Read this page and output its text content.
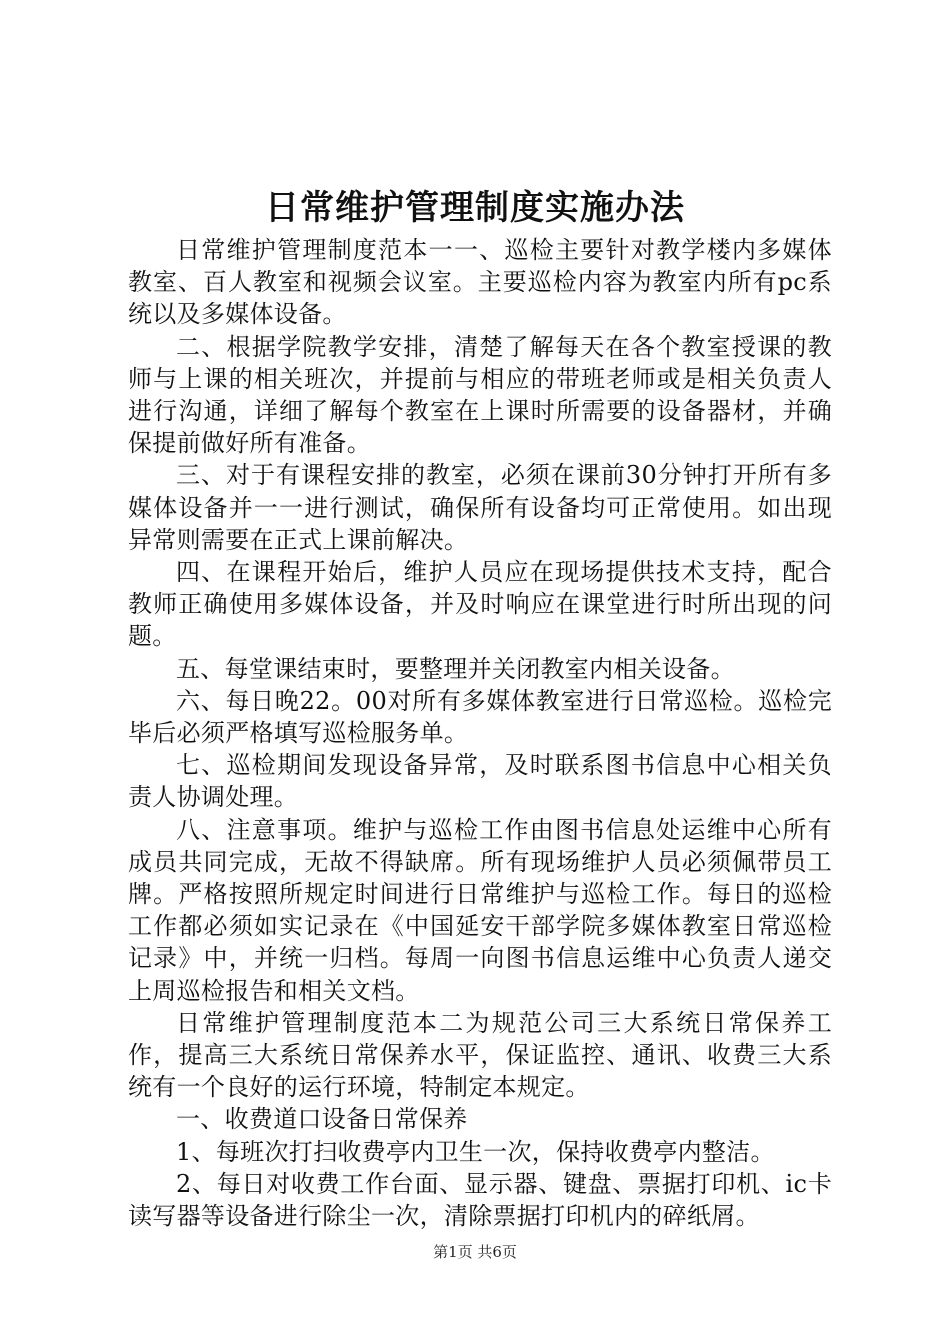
日常维护管理制度实施办法

日常维护管理制度范本一一、巡检主要针对教学楼内多媒体教室、百人教室和视频会议室。主要巡检内容为教室内所有pc系统以及多媒体设备。

二、根据学院教学安排，清楚了解每天在各个教室授课的教师与上课的相关班次，并提前与相应的带班老师或是相关负责人进行沟通，详细了解每个教室在上课时所需要的设备器材，并确保提前做好所有准备。

三、对于有课程安排的教室，必须在课前30分钟打开所有多媒体设备并一一进行测试，确保所有设备均可正常使用。如出现异常则需要在正式上课前解决。

四、在课程开始后，维护人员应在现场提供技术支持，配合教师正确使用多媒体设备，并及时响应在课堂进行时所出现的问题。

五、每堂课结束时，要整理并关闭教室内相关设备。

六、每日晚22。00对所有多媒体教室进行日常巡检。巡检完毕后必须严格填写巡检服务单。

七、巡检期间发现设备异常，及时联系图书信息中心相关负责人协调处理。

八、注意事项。维护与巡检工作由图书信息处运维中心所有成员共同完成，无故不得缺席。所有现场维护人员必须佩带员工牌。严格按照所规定时间进行日常维护与巡检工作。每日的巡检工作都必须如实记录在《中国延安干部学院多媒体教室日常巡检记录》中，并统一归档。每周一向图书信息运维中心负责人递交上周巡检报告和相关文档。

日常维护管理制度范本二为规范公司三大系统日常保养工作，提高三大系统日常保养水平，保证监控、通讯、收费三大系统有一个良好的运行环境，特制定本规定。

一、收费道口设备日常保养

1、每班次打扫收费亭内卫生一次，保持收费亭内整洁。

2、每日对收费工作台面、显示器、键盘、票据打印机、ic卡读写器等设备进行除尘一次，清除票据打印机内的碎纸屑。

第1页 共6页
